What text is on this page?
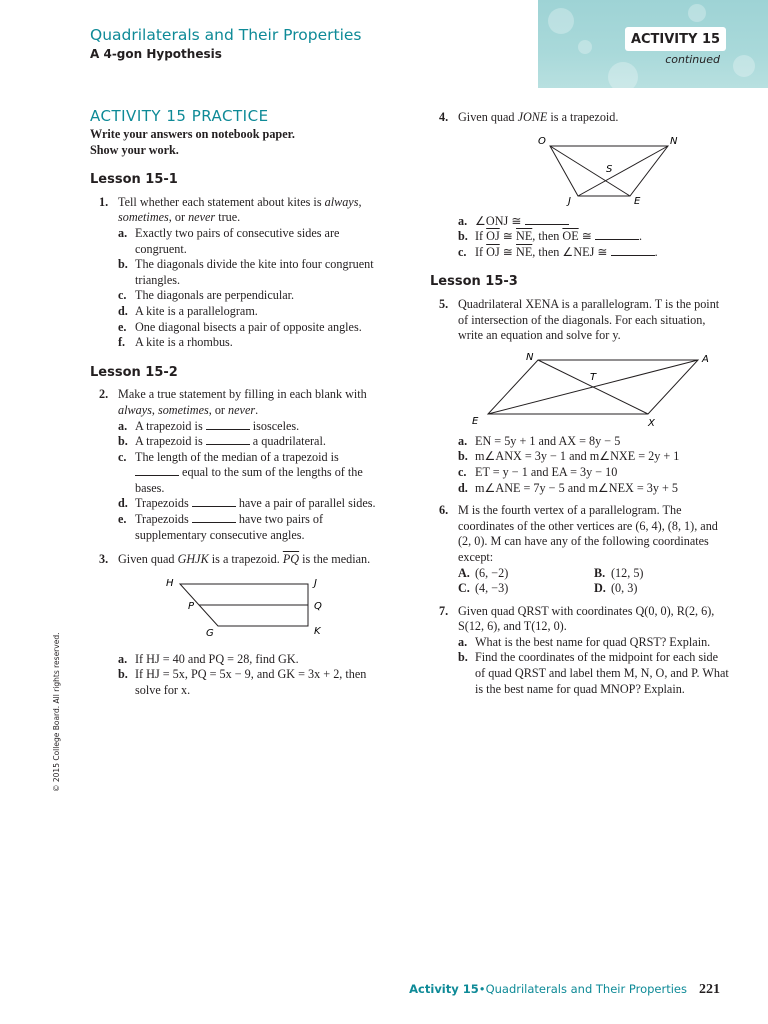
Quadrilaterals and Their Properties
A 4-gon Hypothesis
ACTIVITY 15
continued
ACTIVITY 15 PRACTICE
Write your answers on notebook paper.
Show your work.
Lesson 15-1
1. Tell whether each statement about kites is always, sometimes, or never true.
a. Exactly two pairs of consecutive sides are congruent.
b. The diagonals divide the kite into four congruent triangles.
c. The diagonals are perpendicular.
d. A kite is a parallelogram.
e. One diagonal bisects a pair of opposite angles.
f. A kite is a rhombus.
Lesson 15-2
2. Make a true statement by filling in each blank with always, sometimes, or never.
a. A trapezoid is	isosceles.
b. A trapezoid is	a quadrilateral.
c. The length of the median of a trapezoid is
equal to the sum of the lengths of the bases.
d. Trapezoids	have a pair of parallel sides.
e. Trapezoids	have two pairs of supplementary consecutive angles.
3. Given quad GHJK is a trapezoid. $\overline{PQ}$ is the median.
H	J
P	Q
G	K
a. If HJ = 40 and PQ = 28, find GK.
b. If HJ = 5x, PQ = 5x − 9, and GK = 3x + 2, then solve for x.
4. Given quad JONE is a trapezoid.
O	N
S
J	E
a. ∠ONJ ≅
b. If $\overline{OJ}$ ≅ $\overline{NE}$, then $\overline{OE}$ ≅	.
c. If $\overline{OJ}$ ≅ $\overline{NE}$, then ∠NEJ ≅	.
Lesson 15-3
5. Quadrilateral XENA is a parallelogram. T is the point of intersection of the diagonals. For each situation, write an equation and solve for y.
N	A
T
E	X
a. EN = 5y + 1 and AX = 8y − 5
b. m∠ANX = 3y − 1 and m∠NXE = 2y + 1
c. ET = y − 1 and EA = 3y − 10
d. m∠ANE = 7y − 5 and m∠NEX = 3y + 5
6. M is the fourth vertex of a parallelogram. The coordinates of the other vertices are (6, 4), (8, 1), and (2, 0). M can have any of the following coordinates except:
A. (6, −2)	B. (12, 5)
C. (4, −3)	D. (0, 3)
7. Given quad QRST with coordinates Q(0, 0), R(2, 6), S(12, 6), and T(12, 0).
a. What is the best name for quad QRST? Explain.
b. Find the coordinates of the midpoint for each side of quad QRST and label them M, N, O, and P. What is the best name for quad MNOP? Explain.
© 2015 College Board. All rights reserved.
Activity 15 • Quadrilaterals and Their Properties 221
